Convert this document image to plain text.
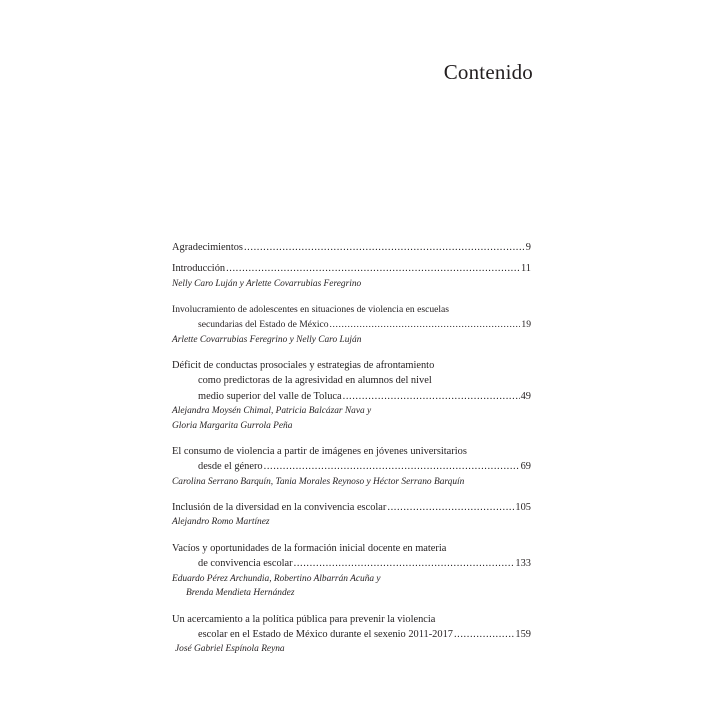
Contenido
Agradecimientos .....	9
Introducción .....	11
Nelly Caro Luján y Arlette Covarrubias Feregrino
Involucramiento de adolescentes en situaciones de violencia en escuelas
secundarias del Estado de México .....	19
Arlette Covarrubias Feregrino y Nelly Caro Luján
Déficit de conductas prosociales y estrategias de afrontamiento
como predictoras de la agresividad en alumnos del nivel
medio superior del valle de Toluca .....	49
Alejandra Moysén Chimal, Patricia Balcázar Nava y
Gloria Margarita Gurrola Peña
El consumo de violencia a partir de imágenes en jóvenes universitarios
desde el género .....	69
Carolina Serrano Barquín, Tania Morales Reynoso y Héctor Serrano Barquín
Inclusión de la diversidad en la convivencia escolar .....	105
Alejandro Romo Martínez
Vacíos y oportunidades de la formación inicial docente en materia
de convivencia escolar .....	133
Eduardo Pérez Archundia, Robertino Albarrán Acuña y
Brenda Mendieta Hernández
Un acercamiento a la política pública para prevenir la violencia
escolar en el Estado de México durante el sexenio 2011-2017 .....	159
José Gabriel Espínola Reyna
